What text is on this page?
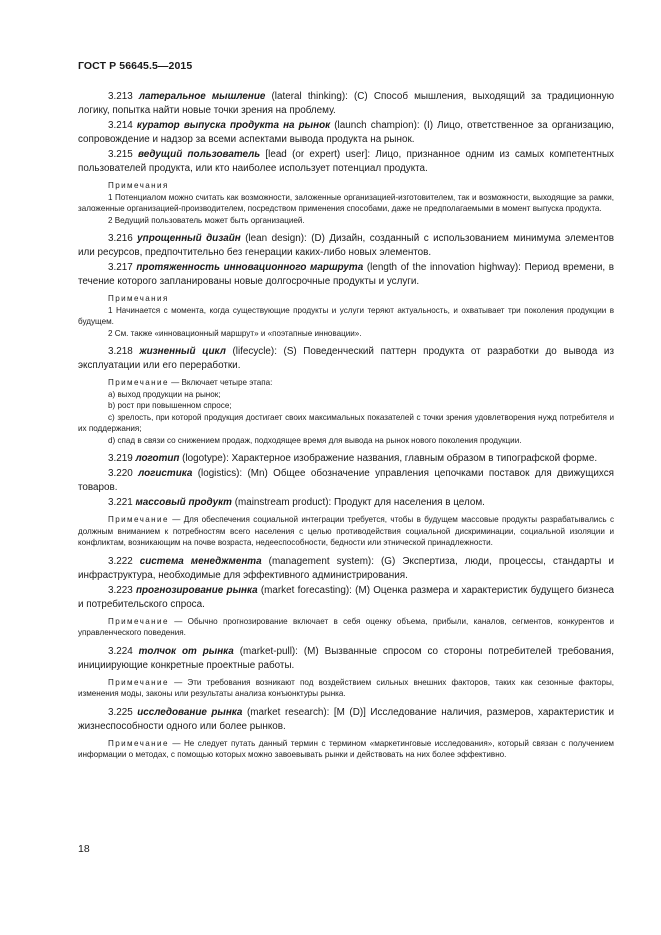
ГОСТ Р 56645.5—2015

3.213 латеральное мышление (lateral thinking): (C) Способ мышления, выходящий за традиционную логику, попытка найти новые точки зрения на проблему.

3.214 куратор выпуска продукта на рынок (launch champion): (I) Лицо, ответственное за организацию, сопровождение и надзор за всеми аспектами вывода продукта на рынок.

3.215 ведущий пользователь [lead (or expert) user]: Лицо, признанное одним из самых компетентных пользователей продукта, или кто наиболее использует потенциал продукта.

Примечания

1 Потенциалом можно считать как возможности, заложенные организацией-изготовителем, так и возможности, выходящие за рамки, заложенные организацией-производителем, посредством применения способами, даже не предполагаемыми в момент выпуска продукта.

2 Ведущий пользователь может быть организацией.

3.216 упрощенный дизайн (lean design): (D) Дизайн, созданный с использованием минимума элементов или ресурсов, предпочтительно без генерации каких-либо новых элементов.

3.217 протяженность инновационного маршрута (length of the innovation highway): Период времени, в течение которого запланированы новые долгосрочные продукты и услуги.

Примечания

1 Начинается с момента, когда существующие продукты и услуги теряют актуальность, и охватывает три поколения продукции в будущем.

2 См. также «инновационный маршрут» и «поэтапные инновации».

3.218 жизненный цикл (lifecycle): (S) Поведенческий паттерн продукта от разработки до вывода из эксплуатации или его переработки.

Примечание — Включает четыре этапа:

а) выход продукции на рынок;

b) рост при повышенном спросе;

c) зрелость, при которой продукция достигает своих максимальных показателей с точки зрения удовлетворения нужд потребителя и их поддержания;

d) спад в связи со снижением продаж, подходящее время для вывода на рынок нового поколения продукции.

3.219 логотип (logotype): Характерное изображение названия, главным образом в типографской форме.

3.220 логистика (logistics): (Mn) Общее обозначение управления цепочками поставок для движущихся товаров.

3.221 массовый продукт (mainstream product): Продукт для населения в целом.

Примечание — Для обеспечения социальной интеграции требуется, чтобы в будущем массовые продукты разрабатывались с должным вниманием к потребностям всего населения с целью противодействия социальной дискриминации, социальной изоляции и конфликтам, возникающим на почве возраста, недееспособности, бедности или этнической принадлежности.

3.222 система менеджмента (management system): (G) Экспертиза, люди, процессы, стандарты и инфраструктура, необходимые для эффективного администрирования.

3.223 прогнозирование рынка (market forecasting): (M) Оценка размера и характеристик будущего бизнеса и потребительского спроса.

Примечание — Обычно прогнозирование включает в себя оценку объема, прибыли, каналов, сегментов, конкурентов и управленческого поведения.

3.224 толчок от рынка (market-pull): (M) Вызванные спросом со стороны потребителей требования, инициирующие конкретные проектные работы.

Примечание — Эти требования возникают под воздействием сильных внешних факторов, таких как сезонные факторы, изменения моды, законы или результаты анализа конъюнктуры рынка.

3.225 исследование рынка (market research): [M (D)] Исследование наличия, размеров, характеристик и жизнеспособности одного или более рынков.

Примечание — Не следует путать данный термин с термином «маркетинговые исследования», который связан с получением информации о методах, с помощью которых можно завоевывать рынки и действовать на них более эффективно.

18
